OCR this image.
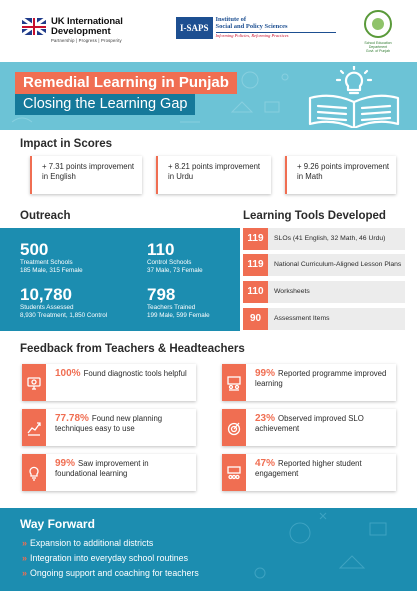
UK International
Development
Partnership | Progress | Prosperity
I-SAPS
Institute of
Social and Policy Sciences
Informing Policies, Reforming Practices
School Education Department
Govt. of Punjab
Remedial Learning in Punjab
Closing the Learning Gap
Impact in Scores
+ 7.31 points improvement in English
+ 8.21 points improvement in Urdu
+ 9.26 points improvement in Math
Outreach
500
Treatment Schools
185 Male, 315 Female
110
Control Schools
37 Male, 73 Female
10,780
Students Assessed
8,930 Treatment, 1,850 Control
798
Teachers Trained
199 Male, 599 Female
Learning Tools Developed
119	SLOs (41 English, 32 Math, 46 Urdu)
119	National Curriculum-Aligned Lesson Plans
110	Worksheets
90	Assessment Items
Feedback from Teachers & Headteachers
100% Found diagnostic tools helpful
77.78% Found new planning techniques easy to use
99% Saw improvement in foundational learning
99% Reported programme improved learning
23% Observed improved SLO achievement
47% Reported higher student engagement
Way Forward
» Expansion to additional districts
» Integration into everyday school routines
» Ongoing support and coaching for teachers
